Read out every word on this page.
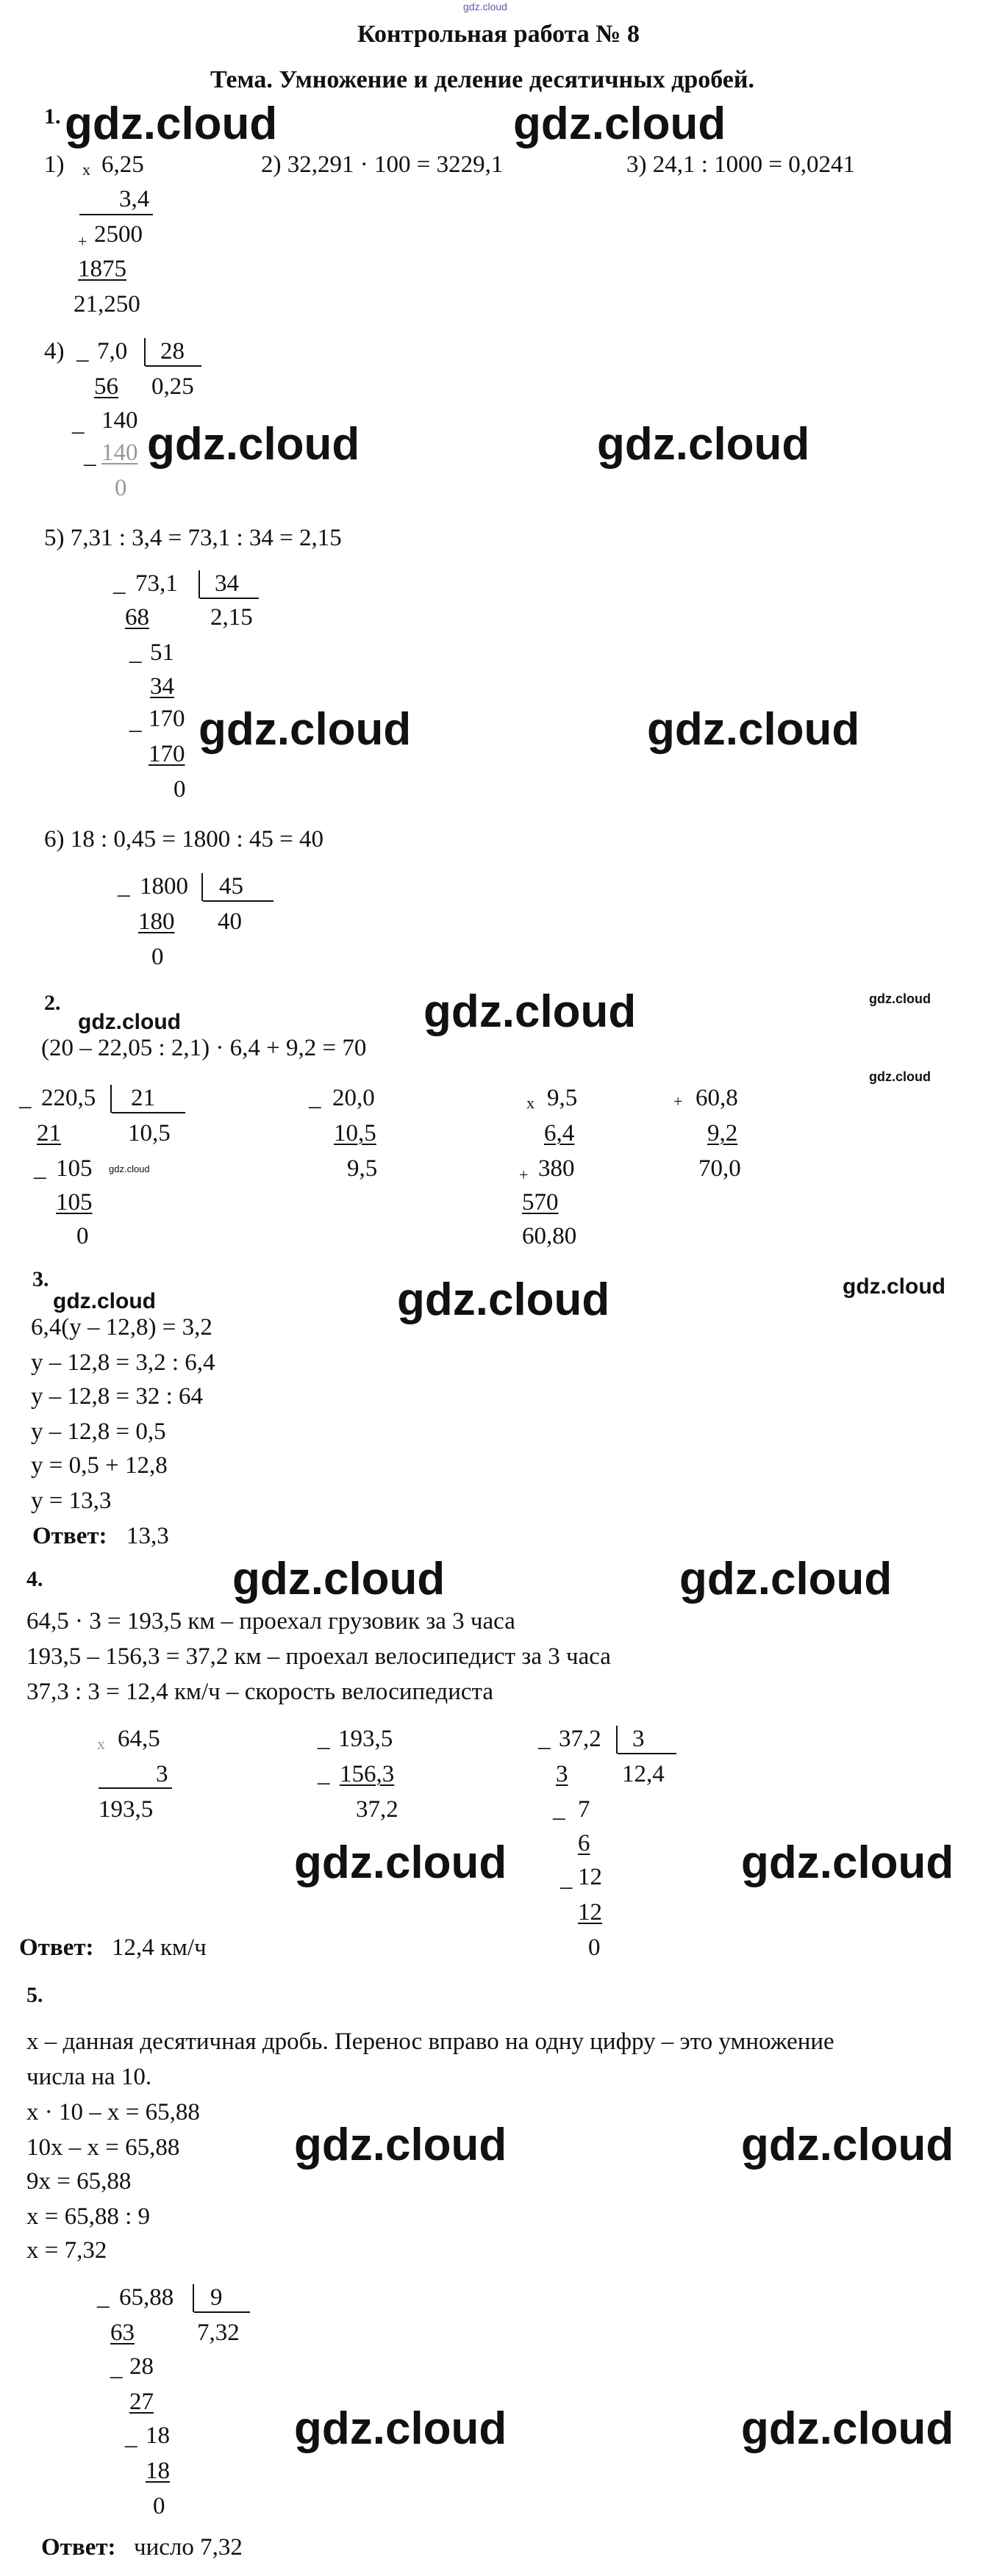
gdz.cloud
Контрольная работа № 8
Тема. Умножение и деление десятичных дробей.
1. gdz.cloud	gdz.cloud
1) x 6,25
3,4
+ 2500
1875
21,250
2) 32,291 · 100 = 3229,1	3) 24,1 : 1000 = 0,0241
4) _ 7,0 28
56 0,25
_ 140
_ 140
0
gdz.cloud	gdz.cloud
5) 7,31 : 3,4 = 73,1 : 34 = 2,15
_ 73,1 34
68	2,15
_ 51
34
_ 170
170
0
gdz.cloud	gdz.cloud
6) 18 : 0,45 = 1800 : 45 = 40
_ 1800 45
180 40
0
2.
gdz.cloud	gdz.cloud	gdz.cloud
gdz.cloud
(20 – 22,05 : 2,1) · 6,4 + 9,2 = 70
_ 220,5 21
21	10,5
_ 105 gdz.cloud
105
0
_ 20,0
10,5
9,5
x 9,5
6,4
+ 380
570
60,80
+ 60,8
9,2
70,0
3.
gdz.cloud	gdz.cloud	gdz.cloud
6,4(y – 12,8) = 3,2
y – 12,8 = 3,2 : 6,4
y – 12,8 = 32 : 64
y – 12,8 = 0,5
y = 0,5 + 12,8
y = 13,3
Ответ: 13,3
4.	gdz.cloud	gdz.cloud
64,5 · 3 = 193,5 км – проехал грузовик за 3 часа
193,5 – 156,3 = 37,2 км – проехал велосипедист за 3 часа
37,3 : 3 = 12,4 км/ч – скорость велосипедиста
x 64,5
3
193,5
_ 193,5
_ 156,3
37,2
_ 37,2 3
3 12,4
_ 7
6
_ 12
12
0
gdz.cloud	gdz.cloud
Ответ: 12,4 км/ч
5.
x – данная десятичная дробь. Перенос вправо на одну цифру – это умножение
числа на 10.
x · 10 – x = 65,88
10x – x = 65,88
9x = 65,88
x = 65,88 : 9
x = 7,32
gdz.cloud	gdz.cloud
_ 65,88 9
63	7,32
_ 28
27
_ 18
18
0
gdz.cloud	gdz.cloud
Ответ: число 7,32
